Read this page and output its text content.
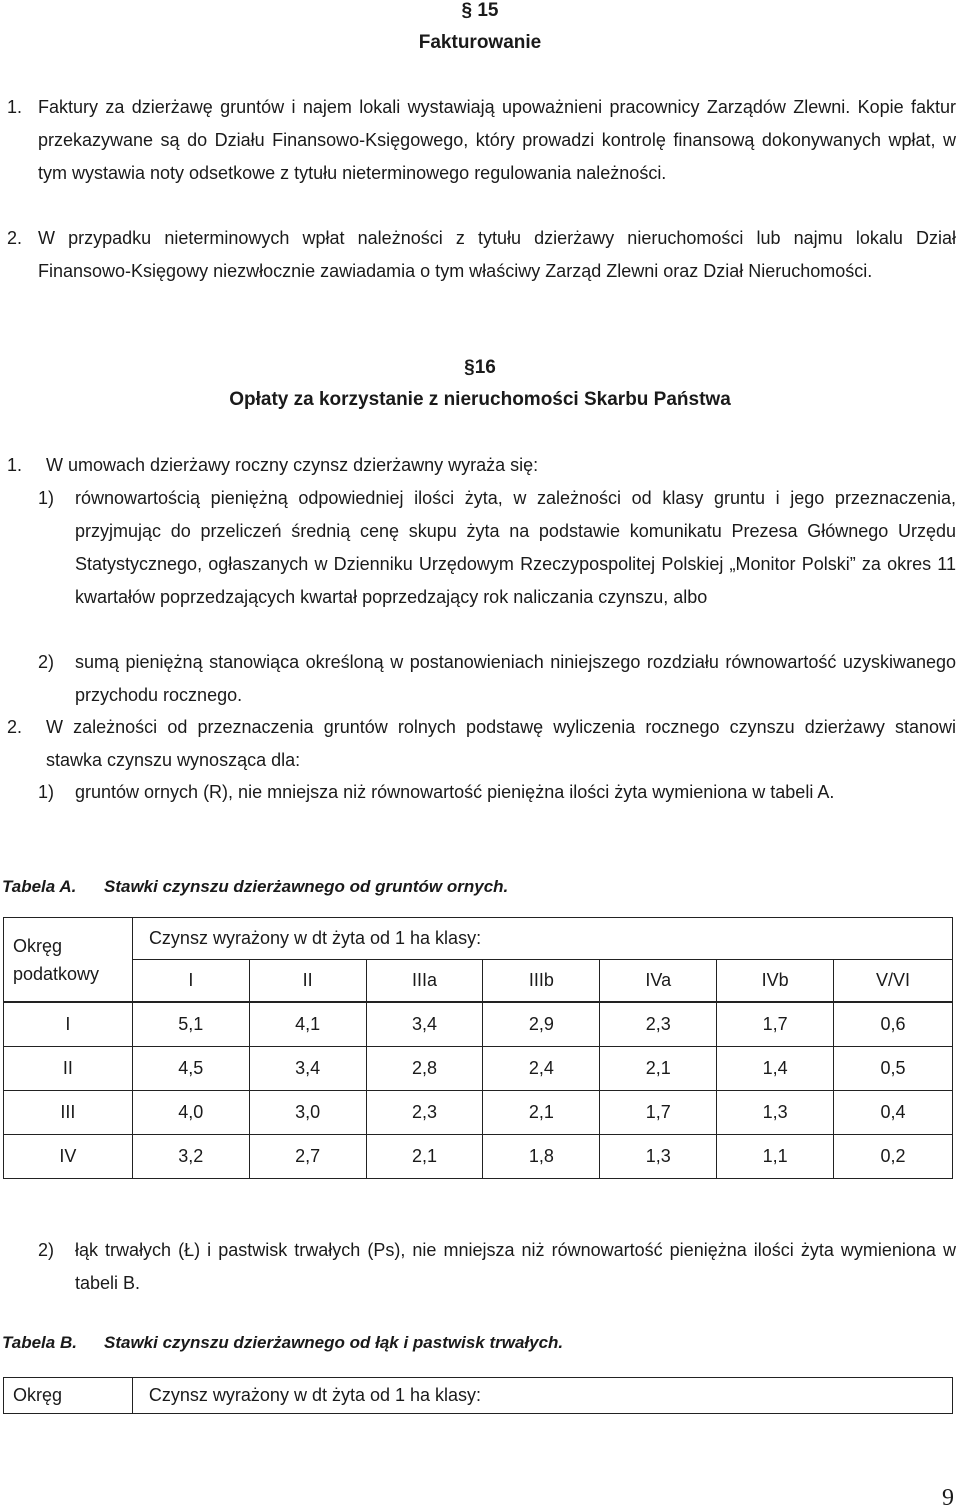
§ 15
Fakturowanie
1. Faktury za dzierżawę gruntów i najem lokali wystawiają upoważnieni pracownicy Zarządów Zlewni. Kopie faktur przekazywane są do Działu Finansowo-Księgowego, który prowadzi kontrolę finansową dokonywanych wpłat, w tym wystawia noty odsetkowe z tytułu nieterminowego regulowania należności.
2. W przypadku nieterminowych wpłat należności z tytułu dzierżawy nieruchomości lub najmu lokalu Dział Finansowo-Księgowy niezwłocznie zawiadamia o tym właściwy Zarząd Zlewni oraz Dział Nieruchomości.
§16
Opłaty za korzystanie z nieruchomości Skarbu Państwa
1. W umowach dzierżawy roczny czynsz dzierżawny wyraża się:
1) równowartością pieniężną odpowiedniej ilości żyta, w zależności od klasy gruntu i jego przeznaczenia, przyjmując do przeliczeń średnią cenę skupu żyta na podstawie komunikatu Prezesa Głównego Urzędu Statystycznego, ogłaszanych w Dzienniku Urzędowym Rzeczypospolitej Polskiej „Monitor Polski” za okres 11 kwartałów poprzedzających kwartał poprzedzający rok naliczania czynszu, albo
2) sumą pieniężną stanowiąca określoną w postanowieniach niniejszego rozdziału równowartość uzyskiwanego przychodu rocznego.
2. W zależności od przeznaczenia gruntów rolnych podstawę wyliczenia rocznego czynszu dzierżawy stanowi stawka czynszu wynosząca dla:
1) gruntów ornych (R), nie mniejsza niż równowartość pieniężna ilości żyta wymieniona w tabeli A.
Tabela A. Stawki czynszu dzierżawnego od gruntów ornych.
Okręg podatkowy	Czynsz wyrażony w dt żyta od 1 ha klasy:						
	I	II	IIIa	IIIb	IVa	IVb	V/VI
I	5,1	4,1	3,4	2,9	2,3	1,7	0,6
II	4,5	3,4	2,8	2,4	2,1	1,4	0,5
III	4,0	3,0	2,3	2,1	1,7	1,3	0,4
IV	3,2	2,7	2,1	1,8	1,3	1,1	0,2
2) łąk trwałych (Ł) i pastwisk trwałych (Ps), nie mniejsza niż równowartość pieniężna ilości żyta wymieniona w tabeli B.
Tabela B. Stawki czynszu dzierżawnego od łąk i pastwisk trwałych.
Okręg	Czynsz wyrażony w dt żyta od 1 ha klasy:
9
